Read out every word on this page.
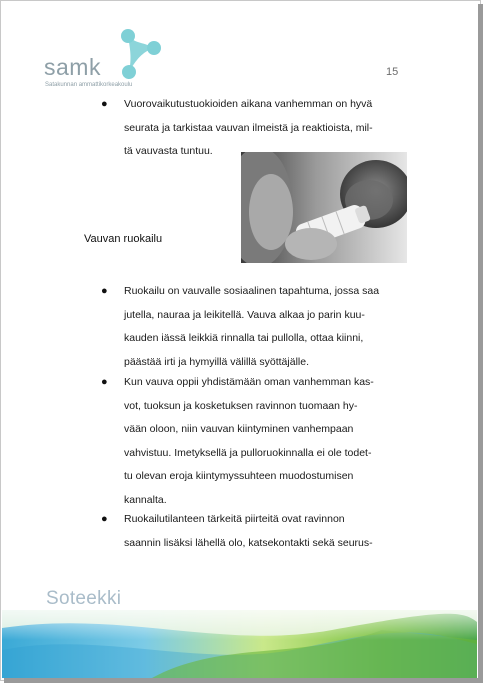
samk
Satakunnan ammattikorkeakoulu
15
● Vuorovaikutustuokioiden aikana vanhemman on hyvä
seurata ja tarkistaa vauvan ilmeistä ja reaktioista, mil-
tä vauvasta tuntuu.
Vauvan ruokailu
● Ruokailu on vauvalle sosiaalinen tapahtuma, jossa saa
jutella, nauraa ja leikitellä. Vauva alkaa jo parin kuu-
kauden iässä leikkiä rinnalla tai pullolla, ottaa kiinni,
päästää irti ja hymyillä välillä syöttäjälle.
● Kun vauva oppii yhdistämään oman vanhemman kas-
vot, tuoksun ja kosketuksen ravinnon tuomaan hy-
vään oloon, niin vauvan kiintyminen vanhempaan
vahvistuu. Imetyksellä ja pulloruokinnalla ei ole todet-
tu olevan eroja kiintymyssuhteen muodostumisen
kannalta.
● Ruokailutilanteen tärkeitä piirteitä ovat ravinnon
saannin lisäksi lähellä olo, katsekontakti sekä seurus-
Soteekki
